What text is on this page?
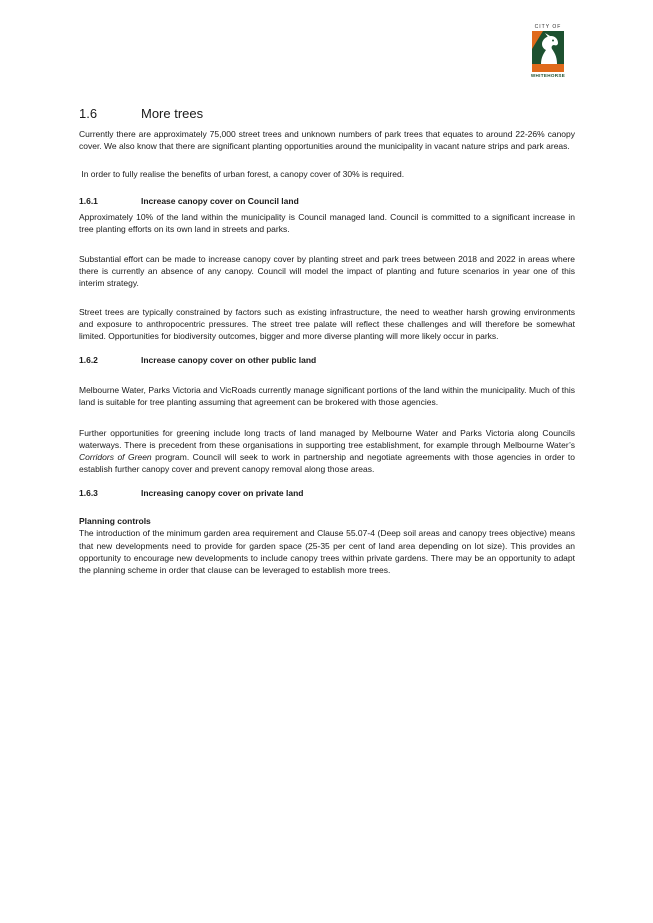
CITY OF
WHITEHORSE
1.6	More trees

Currently there are approximately 75,000 street trees and unknown numbers of park trees that equates to around 22-26% canopy cover. We also know that there are significant planting opportunities around the municipality in vacant nature strips and park areas.

In order to fully realise the benefits of urban forest, a canopy cover of 30% is required.

1.6.1	Increase canopy cover on Council land

Approximately 10% of the land within the municipality is Council managed land. Council is committed to a significant increase in tree planting efforts on its own land in streets and parks.

Substantial effort can be made to increase canopy cover by planting street and park trees between 2018 and 2022 in areas where there is currently an absence of any canopy. Council will model the impact of planting and future scenarios in year one of this interim strategy.

Street trees are typically constrained by factors such as existing infrastructure, the need to weather harsh growing environments and exposure to anthropocentric pressures. The street tree palate will reflect these challenges and will therefore be somewhat limited. Opportunities for biodiversity outcomes, bigger and more diverse planting will more likely occur in parks.

1.6.2	Increase canopy cover on other public land

Melbourne Water, Parks Victoria and VicRoads currently manage significant portions of the land within the municipality. Much of this land is suitable for tree planting assuming that agreement can be brokered with those agencies.

Further opportunities for greening include long tracts of land managed by Melbourne Water and Parks Victoria along Councils waterways. There is precedent from these organisations in supporting tree establishment, for example through Melbourne Water’s Corridors of Green program. Council will seek to work in partnership and negotiate agreements with those agencies in order to establish further canopy cover and prevent canopy removal along those areas.

1.6.3	Increasing canopy cover on private land
Planning controls

The introduction of the minimum garden area requirement and Clause 55.07-4 (Deep soil areas and canopy trees objective) means that new developments need to provide for garden space (25-35 per cent of land area depending on lot size). This provides an opportunity to encourage new developments to include canopy trees within private gardens. There may be an opportunity to adapt the planning scheme in order that clause can be leveraged to establish more trees.
